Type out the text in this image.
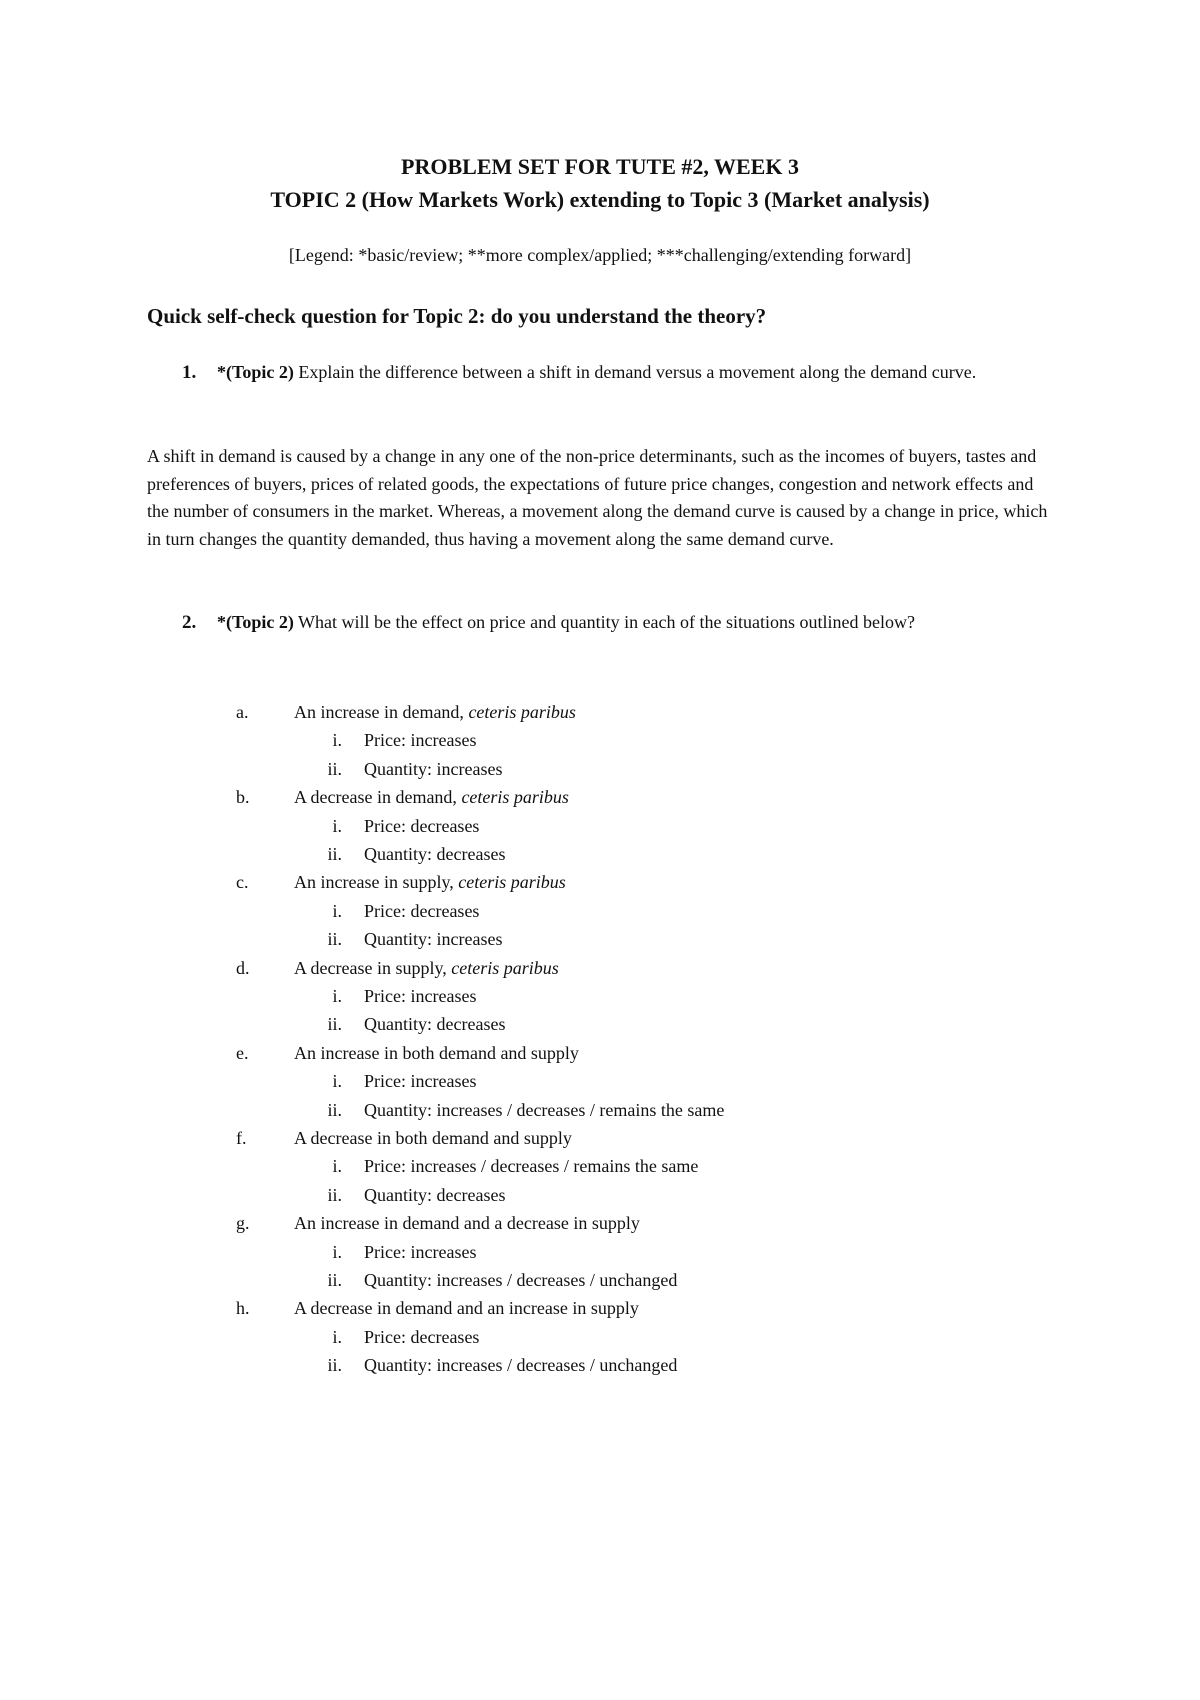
PROBLEM SET FOR TUTE #2, WEEK 3
TOPIC 2 (How Markets Work) extending to Topic 3 (Market analysis)

[Legend: *basic/review; **more complex/applied; ***challenging/extending forward]

Quick self-check question for Topic 2: do you understand the theory?
1. *(Topic 2) Explain the difference between a shift in demand versus a movement along the demand curve.

A shift in demand is caused by a change in any one of the non-price determinants, such as the incomes of buyers, tastes and preferences of buyers, prices of related goods, the expectations of future price changes, congestion and network effects and the number of consumers in the market. Whereas, a movement along the demand curve is caused by a change in price, which in turn changes the quantity demanded, thus having a movement along the same demand curve.

2. *(Topic 2) What will be the effect on price and quantity in each of the situations outlined below?
a.	An increase in demand, ceteris paribus
i. Price: increases
ii. Quantity: increases
b.	A decrease in demand, ceteris paribus
i. Price: decreases
ii. Quantity: decreases
c.	An increase in supply, ceteris paribus
i. Price: decreases
ii. Quantity: increases
d.	A decrease in supply, ceteris paribus
i. Price: increases
ii. Quantity: decreases
e.	An increase in both demand and supply
i. Price: increases
ii. Quantity: increases / decreases / remains the same
f.	A decrease in both demand and supply
i. Price: increases / decreases / remains the same
ii. Quantity: decreases
g.	An increase in demand and a decrease in supply
i. Price: increases
ii. Quantity: increases / decreases / unchanged
h.	A decrease in demand and an increase in supply
i. Price: decreases
ii. Quantity: increases / decreases / unchanged
